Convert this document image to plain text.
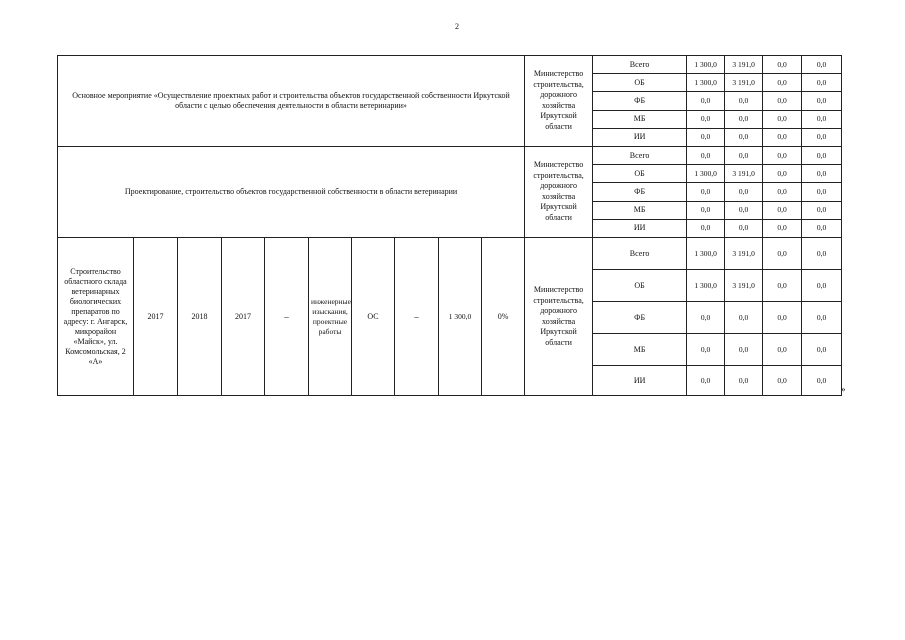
2
Основное мероприятие «Осуществление проектных работ и строительства объектов государственной собственности Иркутской области с целью обеспечения деятельности в области ветеринарии»										Министерство строительства, дорожного хозяйства Иркутской области	Всего	1 300,0	3 191,0	0,0	0,0
											ОБ	1 300,0	3 191,0	0,0	0,0
											ФБ	0,0	0,0	0,0	0,0
											МБ	0,0	0,0	0,0	0,0
											ИИ	0,0	0,0	0,0	0,0
Проектирование, строительство объектов государственной собственности в области ветеринарии										Министерство строительства, дорожного хозяйства Иркутской области	Всего	0,0	0,0	0,0	0,0
											ОБ	1 300,0	3 191,0	0,0	0,0
											ФБ	0,0	0,0	0,0	0,0
											МБ	0,0	0,0	0,0	0,0
											ИИ	0,0	0,0	0,0	0,0
Строительство областного склада ветеринарных биологических препаратов по адресу: г. Ангарск, микрорайон «Майск», ул. Комсомольская, 2 «А»	2017	2018	2017	–	инженерные изыскания, проектные работы	ОС	–	1 300,0	0%	Министерство строительства, дорожного хозяйства Иркутской области	Всего	1 300,0	3 191,0	0,0	0,0
											ОБ	1 300,0	3 191,0	0,0	0,0
											ФБ	0,0	0,0	0,0	0,0
											МБ	0,0	0,0	0,0	0,0
											ИИ	0,0	0,0	0,0	0,0
»
